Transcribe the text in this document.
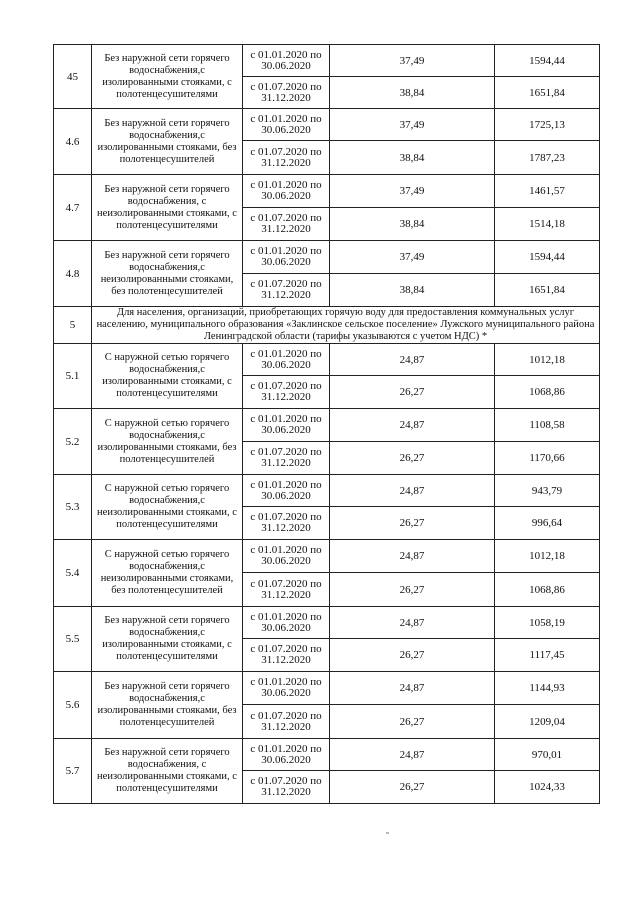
45	Без наружной сети горячего водоснабжения,с изолированными стояками, с полотенцесушителями	с 01.01.2020 по 30.06.2020	37,49	1594,44
		с 01.07.2020 по 31.12.2020	38,84	1651,84
4.6	Без наружной сети горячего водоснабжения,с изолированными стояками, без полотенцесушителей	с 01.01.2020 по 30.06.2020	37,49	1725,13
		с 01.07.2020 по 31.12.2020	38,84	1787,23
4.7	Без наружной сети горячего водоснабжения, с неизолированными стояками, с полотенцесушителями	с 01.01.2020 по 30.06.2020	37,49	1461,57
		с 01.07.2020 по 31.12.2020	38,84	1514,18
4.8	Без наружной сети горячего водоснабжения,с неизолированными стояками, без полотенцесушителей	с 01.01.2020 по 30.06.2020	37,49	1594,44
		с 01.07.2020 по 31.12.2020	38,84	1651,84
5	Для населения, организаций, приобретающих горячую воду для предоставления коммунальных услуг населению, муниципального образования «Заклинское сельское поселение» Лужского муниципального района Ленинградской области (тарифы указываются с учетом НДС) *			
5.1	С наружной сетью горячего водоснабжения,с изолированными стояками, с полотенцесушителями	с 01.01.2020 по 30.06.2020	24,87	1012,18
		с 01.07.2020 по 31.12.2020	26,27	1068,86
5.2	С наружной сетью горячего водоснабжения,с изолированными стояками, без полотенцесушителей	с 01.01.2020 по 30.06.2020	24,87	1108,58
		с 01.07.2020 по 31.12.2020	26,27	1170,66
5.3	С наружной сетью горячего водоснабжения,с неизолированными стояками, с полотенцесушителями	с 01.01.2020 по 30.06.2020	24,87	943,79
		с 01.07.2020 по 31.12.2020	26,27	996,64
5.4	С наружной сетью горячего водоснабжения,с неизолированными стояками, без полотенцесушителей	с 01.01.2020 по 30.06.2020	24,87	1012,18
		с 01.07.2020 по 31.12.2020	26,27	1068,86
5.5	Без наружной сети горячего водоснабжения,с изолированными стояками, с полотенцесушителями	с 01.01.2020 по 30.06.2020	24,87	1058,19
		с 01.07.2020 по 31.12.2020	26,27	1117,45
5.6	Без наружной сети горячего водоснабжения,с изолированными стояками, без полотенцесушителей	с 01.01.2020 по 30.06.2020	24,87	1144,93
		с 01.07.2020 по 31.12.2020	26,27	1209,04
5.7	Без наружной сети горячего водоснабжения, с неизолированными стояками, с полотенцесушителями	с 01.01.2020 по 30.06.2020	24,87	970,01
		с 01.07.2020 по 31.12.2020	26,27	1024,33
